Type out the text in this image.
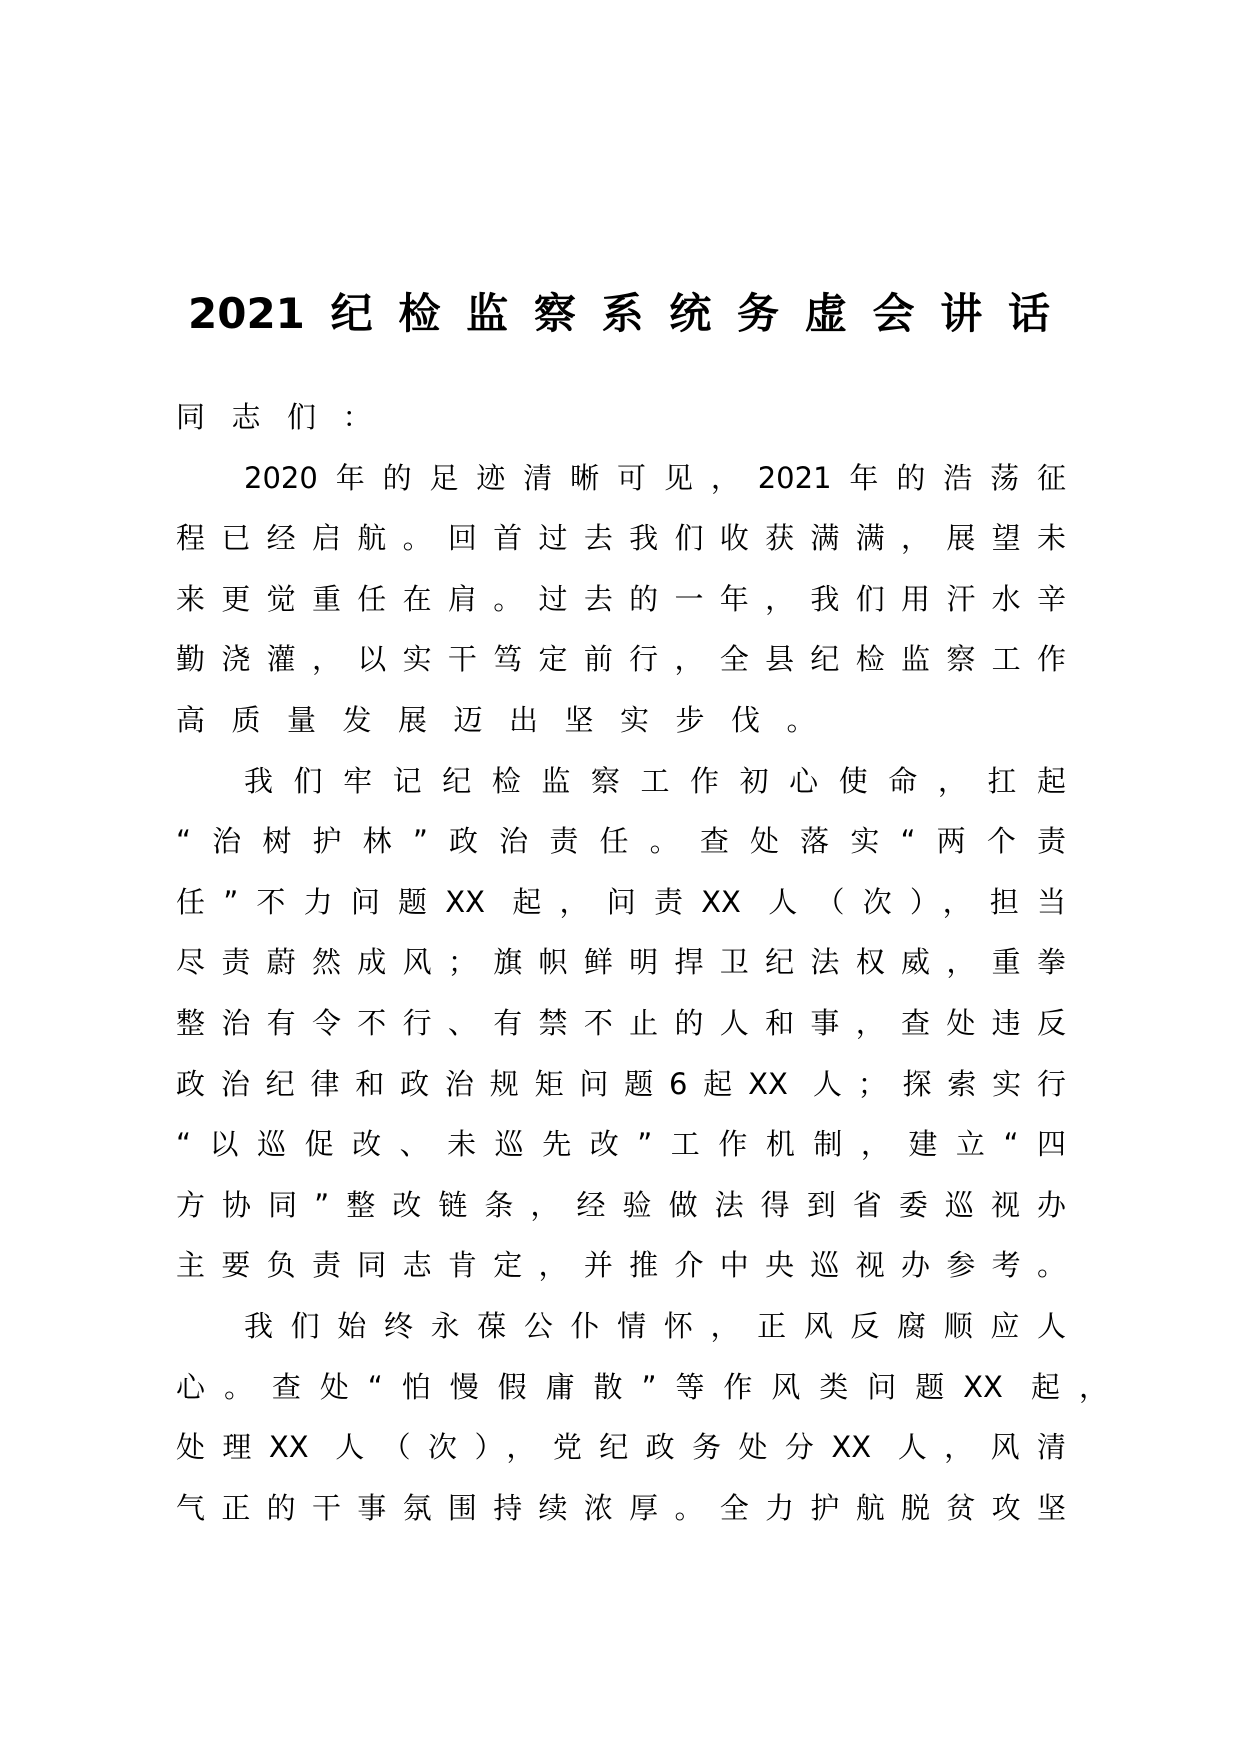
2021纪检监察系统务虚会讲话
同志们：
2020年的足迹清晰可见，2021年的浩荡征
程已经启航。回首过去我们收获满满，展望未
来更觉重任在肩。过去的一年，我们用汗水辛
勤浇灌，以实干笃定前行，全县纪检监察工作
高质量发展迈出坚实步伐。
我们牢记纪检监察工作初心使命，扛起
“治树护林”政治责任。查处落实“两个责
任”不力问题XX 起，问责XX 人（次），担当
尽责蔚然成风；旗帜鲜明捍卫纪法权威，重拳
整治有令不行、有禁不止的人和事，查处违反
政治纪律和政治规矩问题6起XX 人；探索实行
“以巡促改、未巡先改”工作机制，建立“四
方协同”整改链条，经验做法得到省委巡视办
主要负责同志肯定，并推介中央巡视办参考。
我们始终永葆公仆情怀，正风反腐顺应人
心。查处“怕慢假庸散”等作风类问题XX 起，
处理XX 人（次），党纪政务处分XX 人，风清
气正的干事氛围持续浓厚。全力护航脱贫攻坚
